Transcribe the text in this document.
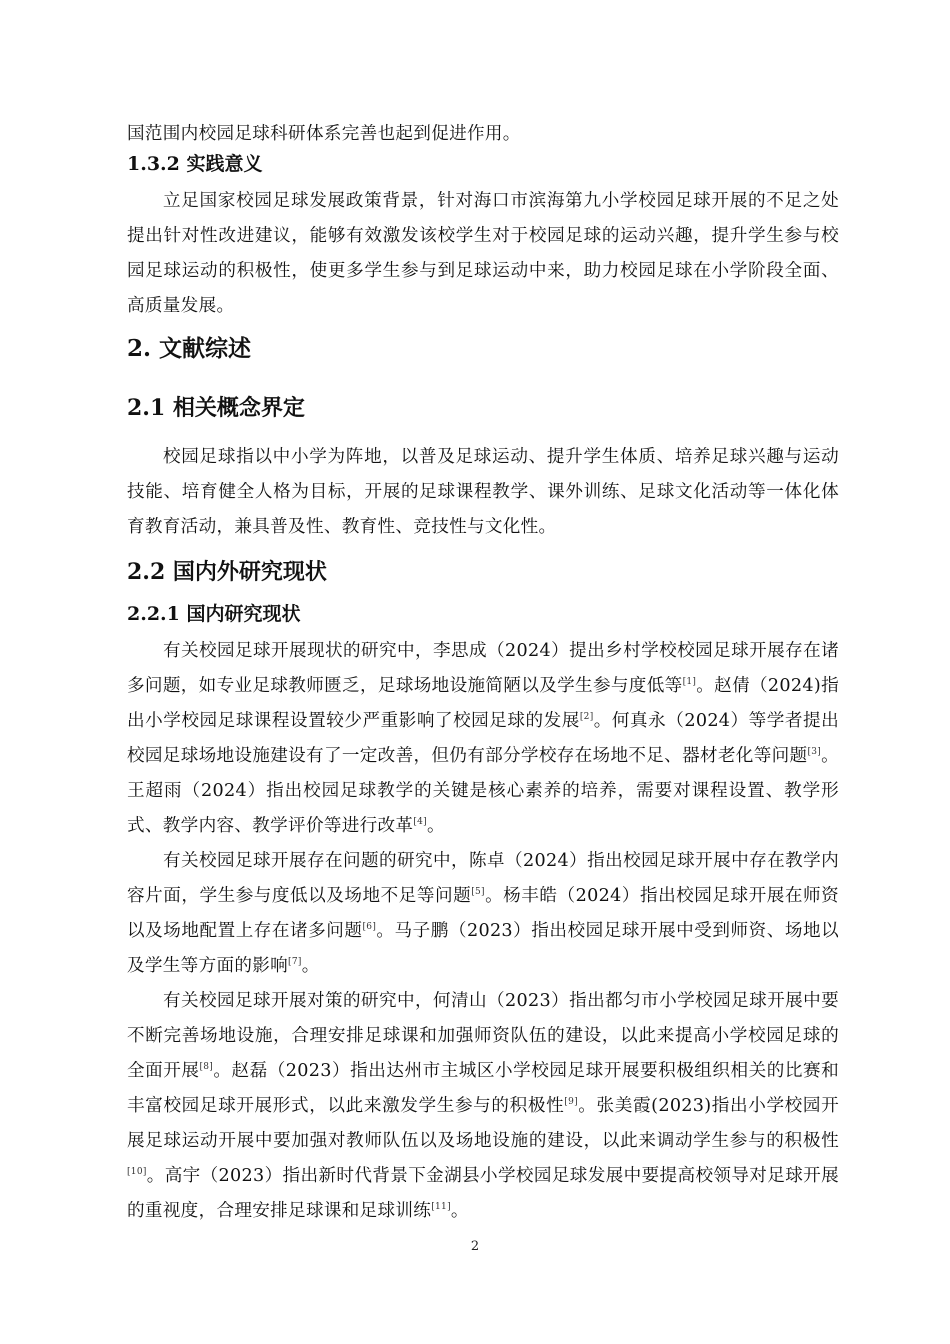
国范围内校园足球科研体系完善也起到促进作用。

1.3.2 实践意义

立足国家校园足球发展政策背景，针对海口市滨海第九小学校园足球开展的不足之处提出针对性改进建议，能够有效激发该校学生对于校园足球的运动兴趣，提升学生参与校园足球运动的积极性，使更多学生参与到足球运动中来，助力校园足球在小学阶段全面、高质量发展。

2. 文献综述
2.1 相关概念界定

校园足球指以中小学为阵地，以普及足球运动、提升学生体质、培养足球兴趣与运动技能、培育健全人格为目标，开展的足球课程教学、课外训练、足球文化活动等一体化体育教育活动，兼具普及性、教育性、竞技性与文化性。

2.2 国内外研究现状
2.2.1 国内研究现状

有关校园足球开展现状的研究中，李思成（2024）提出乡村学校校园足球开展存在诸多问题，如专业足球教师匮乏，足球场地设施简陋以及学生参与度低等[1]。赵倩（2024)指出小学校园足球课程设置较少严重影响了校园足球的发展[2]。何真永（2024）等学者提出校园足球场地设施建设有了一定改善，但仍有部分学校存在场地不足、器材老化等问题[3]。王超雨（2024）指出校园足球教学的关键是核心素养的培养，需要对课程设置、教学形式、教学内容、教学评价等进行改革[4]。

有关校园足球开展存在问题的研究中，陈卓（2024）指出校园足球开展中存在教学内容片面，学生参与度低以及场地不足等问题[5]。杨丰皓（2024）指出校园足球开展在师资以及场地配置上存在诸多问题[6]。马子鹏（2023）指出校园足球开展中受到师资、场地以及学生等方面的影响[7]。

有关校园足球开展对策的研究中，何清山（2023）指出都匀市小学校园足球开展中要不断完善场地设施，合理安排足球课和加强师资队伍的建设，以此来提高小学校园足球的全面开展[8]。赵磊（2023）指出达州市主城区小学校园足球开展要积极组织相关的比赛和丰富校园足球开展形式，以此来激发学生参与的积极性[9]。张美霞(2023)指出小学校园开展足球运动开展中要加强对教师队伍以及场地设施的建设，以此来调动学生参与的积极性[10]。高宇（2023）指出新时代背景下金湖县小学校园足球发展中要提高校领导对足球开展的重视度，合理安排足球课和足球训练[11]。

2
